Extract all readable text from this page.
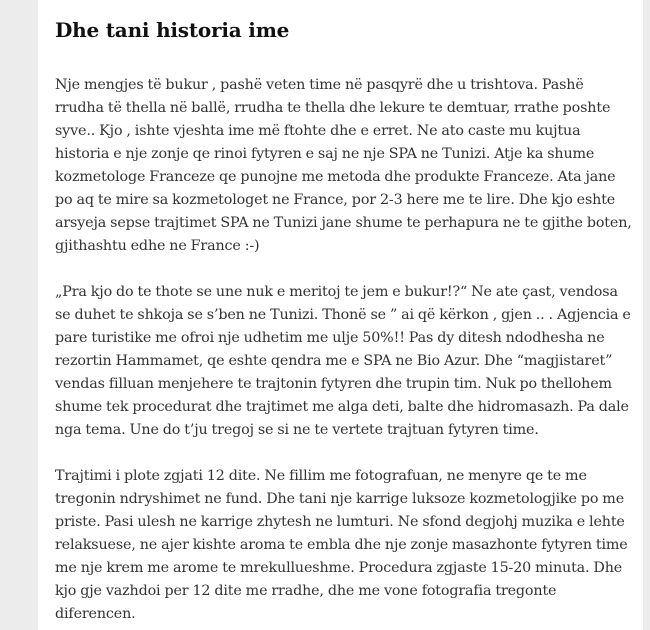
Dhe tani historia ime

Nje mengjes të bukur , pashë veten time në pasqyrë dhe u trishtova. Pashë rrudha të thella në ballë, rrudha te thella dhe lekure te demtuar, rrathe poshte syve.. Kjo , ishte vjeshta ime më ftohte dhe e erret. Ne ato caste mu kujtua historia e nje zonje qe rinoi fytyren e saj ne nje SPA ne Tunizi. Atje ka shume kozmetologe Franceze qe punojne me metoda dhe produkte Franceze. Ata jane po aq te mire sa kozmetologet ne France, por 2-3 here me te lire. Dhe kjo eshte arsyeja sepse trajtimet SPA ne Tunizi jane shume te perhapura ne te gjithe boten, gjithashtu edhe ne France :-)

„Pra kjo do te thote se une nuk e meritoj te jem e bukur!?“ Ne ate çast, vendosa se duhet te shkoja se s’ben ne Tunizi. Thonë se ” ai që kërkon , gjen .. . Agjencia e pare turistike me ofroi nje udhetim me ulje 50%!! Pas dy ditesh ndodhesha ne rezortin Hammamet, qe eshte qendra me e SPA ne Bio Azur. Dhe “magjistaret” vendas filluan menjehere te trajtonin fytyren dhe trupin tim. Nuk po thellohem shume tek procedurat dhe trajtimet me alga deti, balte dhe hidromasazh. Pa dale nga tema. Une do t’ju tregoj se si ne te vertete trajtuan fytyren time.

Trajtimi i plote zgjati 12 dite. Ne fillim me fotografuan, ne menyre qe te me tregonin ndryshimet ne fund. Dhe tani nje karrige luksoze kozmetologjike po me priste. Pasi ulesh ne karrige zhytesh ne lumturi. Ne sfond degjohj muzika e lehte relaksuese, ne ajer kishte aroma te embla dhe nje zonje masazhonte fytyren time me nje krem me arome te mrekullueshme. Procedura zgjaste 15-20 minuta. Dhe kjo gje vazhdoi per 12 dite me rradhe, dhe me vone fotografia tregonte diferencen.
